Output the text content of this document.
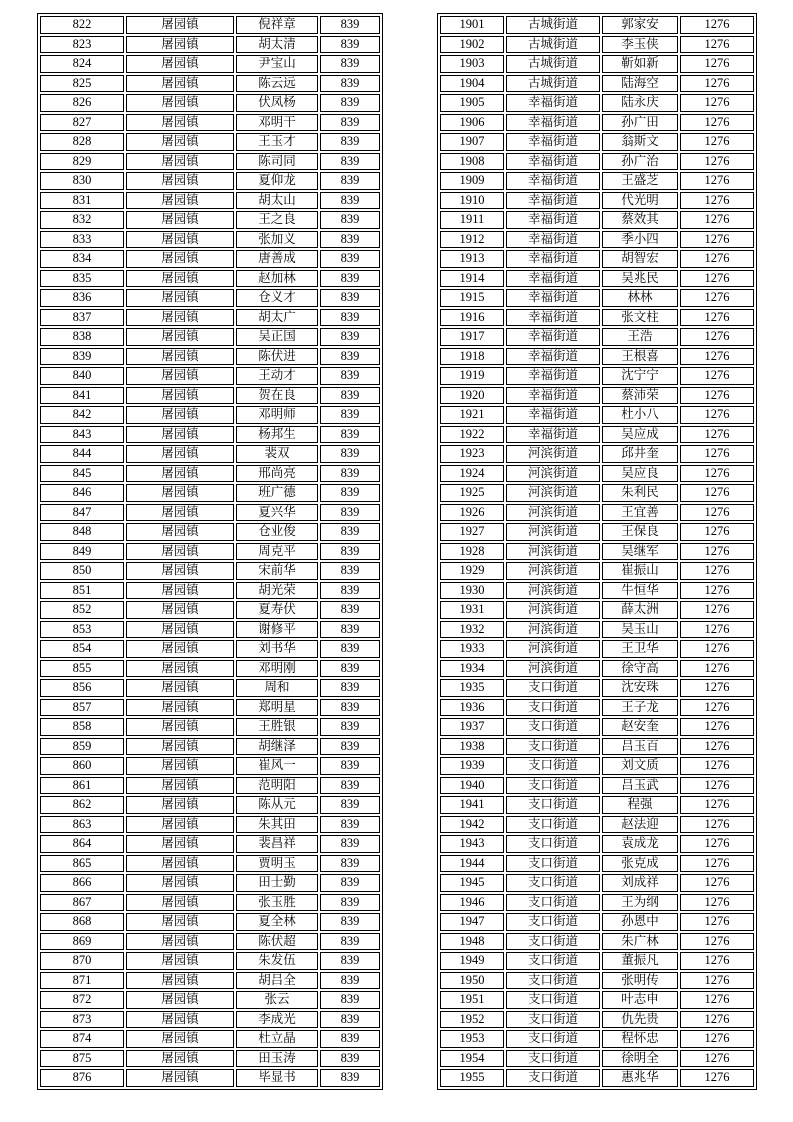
822	屠园镇	倪祥章	839
823	屠园镇	胡太清	839
824	屠园镇	尹宝山	839
825	屠园镇	陈云远	839
826	屠园镇	伏凤杨	839
827	屠园镇	邓明干	839
828	屠园镇	王玉才	839
829	屠园镇	陈司同	839
830	屠园镇	夏仰龙	839
831	屠园镇	胡太山	839
832	屠园镇	王之良	839
833	屠园镇	张加义	839
834	屠园镇	唐善成	839
835	屠园镇	赵加林	839
836	屠园镇	仓义才	839
837	屠园镇	胡太广	839
838	屠园镇	吴正国	839
839	屠园镇	陈伏进	839
840	屠园镇	王动才	839
841	屠园镇	贺在良	839
842	屠园镇	邓明师	839
843	屠园镇	杨邦生	839
844	屠园镇	裴双	839
845	屠园镇	邢尚亮	839
846	屠园镇	班广德	839
847	屠园镇	夏兴华	839
848	屠园镇	仓业俊	839
849	屠园镇	周克平	839
850	屠园镇	宋前华	839
851	屠园镇	胡光荣	839
852	屠园镇	夏寿伏	839
853	屠园镇	谢修平	839
854	屠园镇	刘书华	839
855	屠园镇	邓明刚	839
856	屠园镇	周和	839
857	屠园镇	郑明星	839
858	屠园镇	王胜银	839
859	屠园镇	胡继泽	839
860	屠园镇	崔风一	839
861	屠园镇	范明阳	839
862	屠园镇	陈从元	839
863	屠园镇	朱其田	839
864	屠园镇	裴昌祥	839
865	屠园镇	贾明玉	839
866	屠园镇	田士勤	839
867	屠园镇	张玉胜	839
868	屠园镇	夏全林	839
869	屠园镇	陈伏超	839
870	屠园镇	朱发伍	839
871	屠园镇	胡吕全	839
872	屠园镇	张云	839
873	屠园镇	李成光	839
874	屠园镇	杜立晶	839
875	屠园镇	田玉涛	839
876	屠园镇	毕显书	839
1901	古城街道	郭家安	1276
1902	古城街道	李玉侠	1276
1903	古城街道	靳如新	1276
1904	古城街道	陆海空	1276
1905	幸福街道	陆永庆	1276
1906	幸福街道	孙广田	1276
1907	幸福街道	翁斯文	1276
1908	幸福街道	孙广治	1276
1909	幸福街道	王盛芝	1276
1910	幸福街道	代光明	1276
1911	幸福街道	蔡效其	1276
1912	幸福街道	季小四	1276
1913	幸福街道	胡智宏	1276
1914	幸福街道	吴兆民	1276
1915	幸福街道	林林	1276
1916	幸福街道	张文柱	1276
1917	幸福街道	王浩	1276
1918	幸福街道	王根喜	1276
1919	幸福街道	沈宁宁	1276
1920	幸福街道	蔡沛荣	1276
1921	幸福街道	杜小八	1276
1922	幸福街道	吴应成	1276
1923	河滨街道	邱井奎	1276
1924	河滨街道	吴应良	1276
1925	河滨街道	朱利民	1276
1926	河滨街道	王宜善	1276
1927	河滨街道	王保良	1276
1928	河滨街道	吴继军	1276
1929	河滨街道	崔振山	1276
1930	河滨街道	牛恒华	1276
1931	河滨街道	薛太洲	1276
1932	河滨街道	吴玉山	1276
1933	河滨街道	王卫华	1276
1934	河滨街道	徐守高	1276
1935	支口街道	沈安珠	1276
1936	支口街道	王子龙	1276
1937	支口街道	赵安奎	1276
1938	支口街道	吕玉百	1276
1939	支口街道	刘文质	1276
1940	支口街道	吕玉武	1276
1941	支口街道	程强	1276
1942	支口街道	赵法迎	1276
1943	支口街道	袁成龙	1276
1944	支口街道	张克成	1276
1945	支口街道	刘成祥	1276
1946	支口街道	王为纲	1276
1947	支口街道	孙恩中	1276
1948	支口街道	朱广林	1276
1949	支口街道	董振凡	1276
1950	支口街道	张明传	1276
1951	支口街道	叶志申	1276
1952	支口街道	仇先贵	1276
1953	支口街道	程怀忠	1276
1954	支口街道	徐明全	1276
1955	支口街道	惠兆华	1276
